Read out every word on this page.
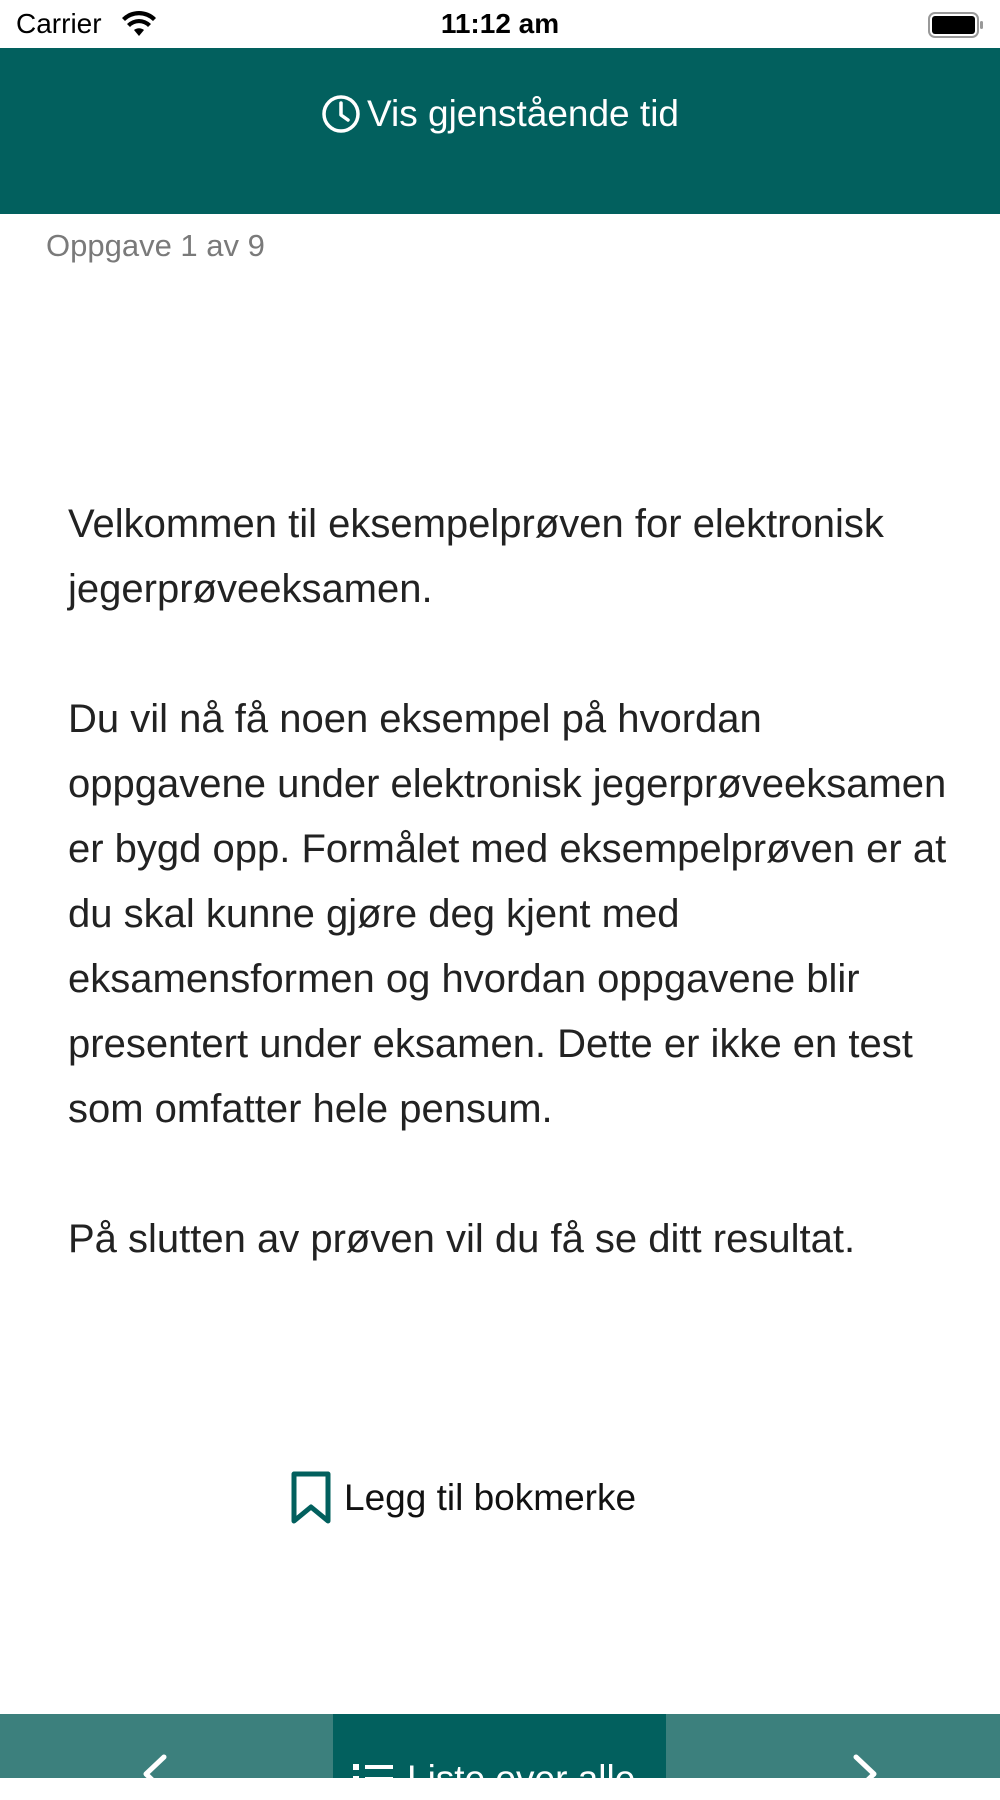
Carrier	11:12 am
Vis gjenstående tid
Oppgave 1 av 9

Velkommen til eksempelprøven for elektronisk jegerprøveeksamen.

Du vil nå få noen eksempel på hvordan oppgavene under elektronisk jegerprøveeksamen er bygd opp. Formålet med eksempelprøven er at du skal kunne gjøre deg kjent med eksamensformen og hvordan oppgavene blir presentert under eksamen. Dette er ikke en test som omfatter hele pensum.

På slutten av prøven vil du få se ditt resultat.

Legg til bokmerke
Liste over alle
